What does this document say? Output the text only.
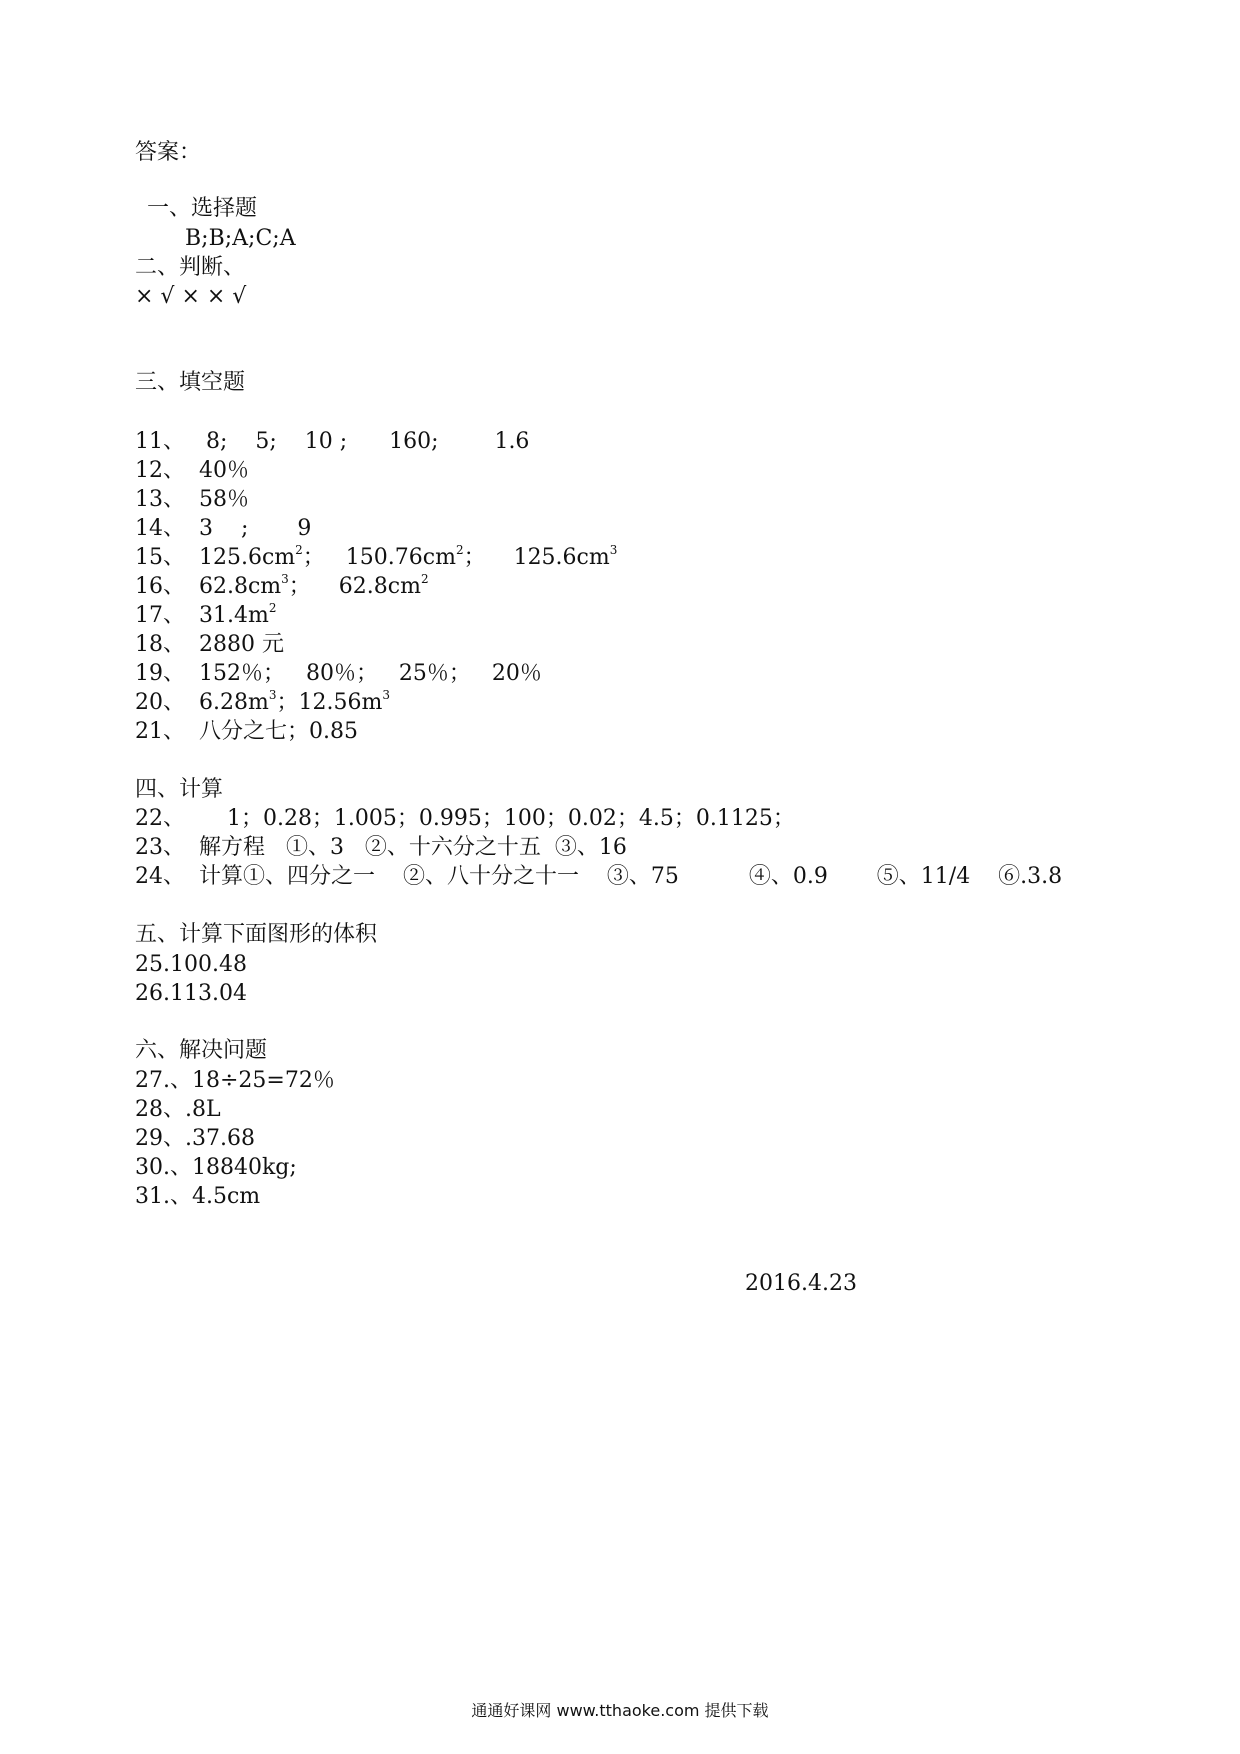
答案：
一、选择题
B;B;A;C;A
二、判断、
× √ × × √
三、填空题
11、   8;    5;    10 ;      160;        1.6
12、  40％
13、  58％
14、  3    ;       9
15、  $125.6cm^2$；   $150.76cm^2$；    $125.6cm^3$
16、  $62.8cm^3$；    $62.8cm^2$
17、  $31.4m^2$
18、  2880 元
19、  152％；   80％；   25％；   20％
20、  $6.28m^3$；$12.56m^3$
21、  八分之七；0.85
四、计算
22、      1；0.28；1.005；0.995；100；0.02；4.5；0.1125；
23、  解方程   ①、3   ②、十六分之十五  ③、16
24、  计算①、四分之一    ②、八十分之十一    ③、75          ④、0.9       ⑤、11/4    ⑥.3.8
五、计算下面图形的体积
25.100.48
26.113.04
六、解决问题
27.、18÷25=72％
28、.8L
29、.37.68
30.、18840kg;
31.、4.5cm
2016.4.23
通通好课网 www.tthaoke.com 提供下载
